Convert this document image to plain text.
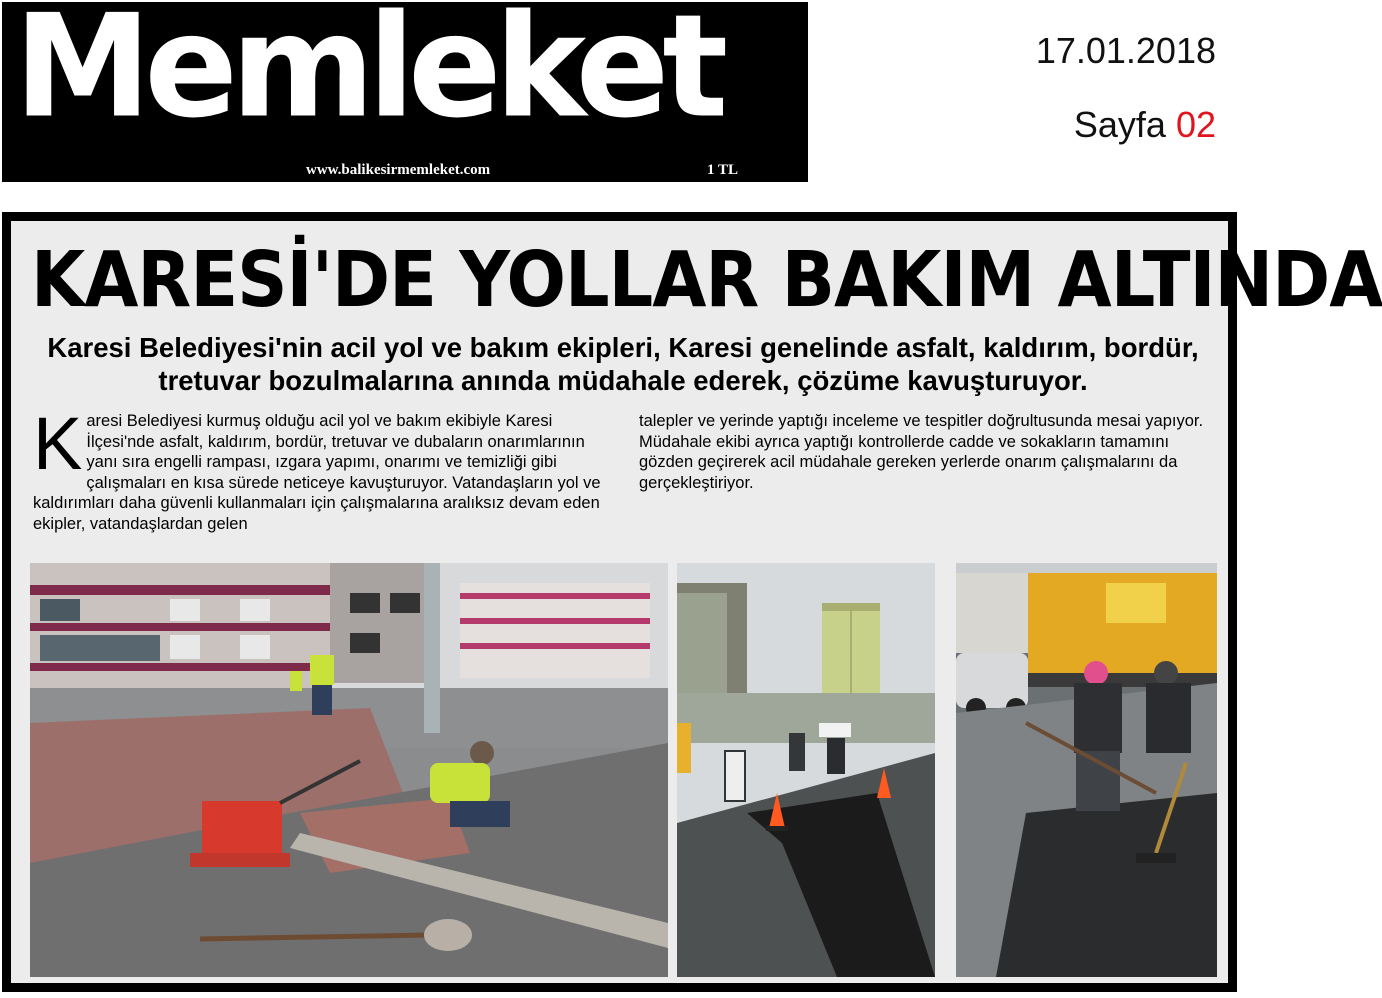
Memleket
www.balikesirmemleket.com	1 TL
17.01.2018
Sayfa 02
KARESİ'DE YOLLAR BAKIM ALTINDA
Karesi Belediyesi'nin acil yol ve bakım ekipleri, Karesi genelinde asfalt, kaldırım, bordür, tretuvar bozulmalarına anında müdahale ederek, çözüme kavuşturuyor.
Karesi Belediyesi kurmuş olduğu acil yol ve bakım ekibiyle Karesi İlçesi'nde asfalt, kaldırım, bordür, tretuvar ve dubaların onarımlarının yanı sıra engelli rampası, ızgara yapımı, onarımı ve temizliği gibi çalışmaları en kısa sürede neticeye kavuşturuyor. Vatandaşların yol ve kaldırımları daha güvenli kullanmaları için çalışmalarına aralıksız devam eden ekipler, vatandaşlardan gelen
talepler ve yerinde yaptığı inceleme ve tespitler doğrultusunda mesai yapıyor.
Müdahale ekibi ayrıca yaptığı kontrollerde cadde ve sokakların tamamını gözden geçirerek acil müdahale gereken yerlerde onarım çalışmalarını da gerçekleştiriyor.
